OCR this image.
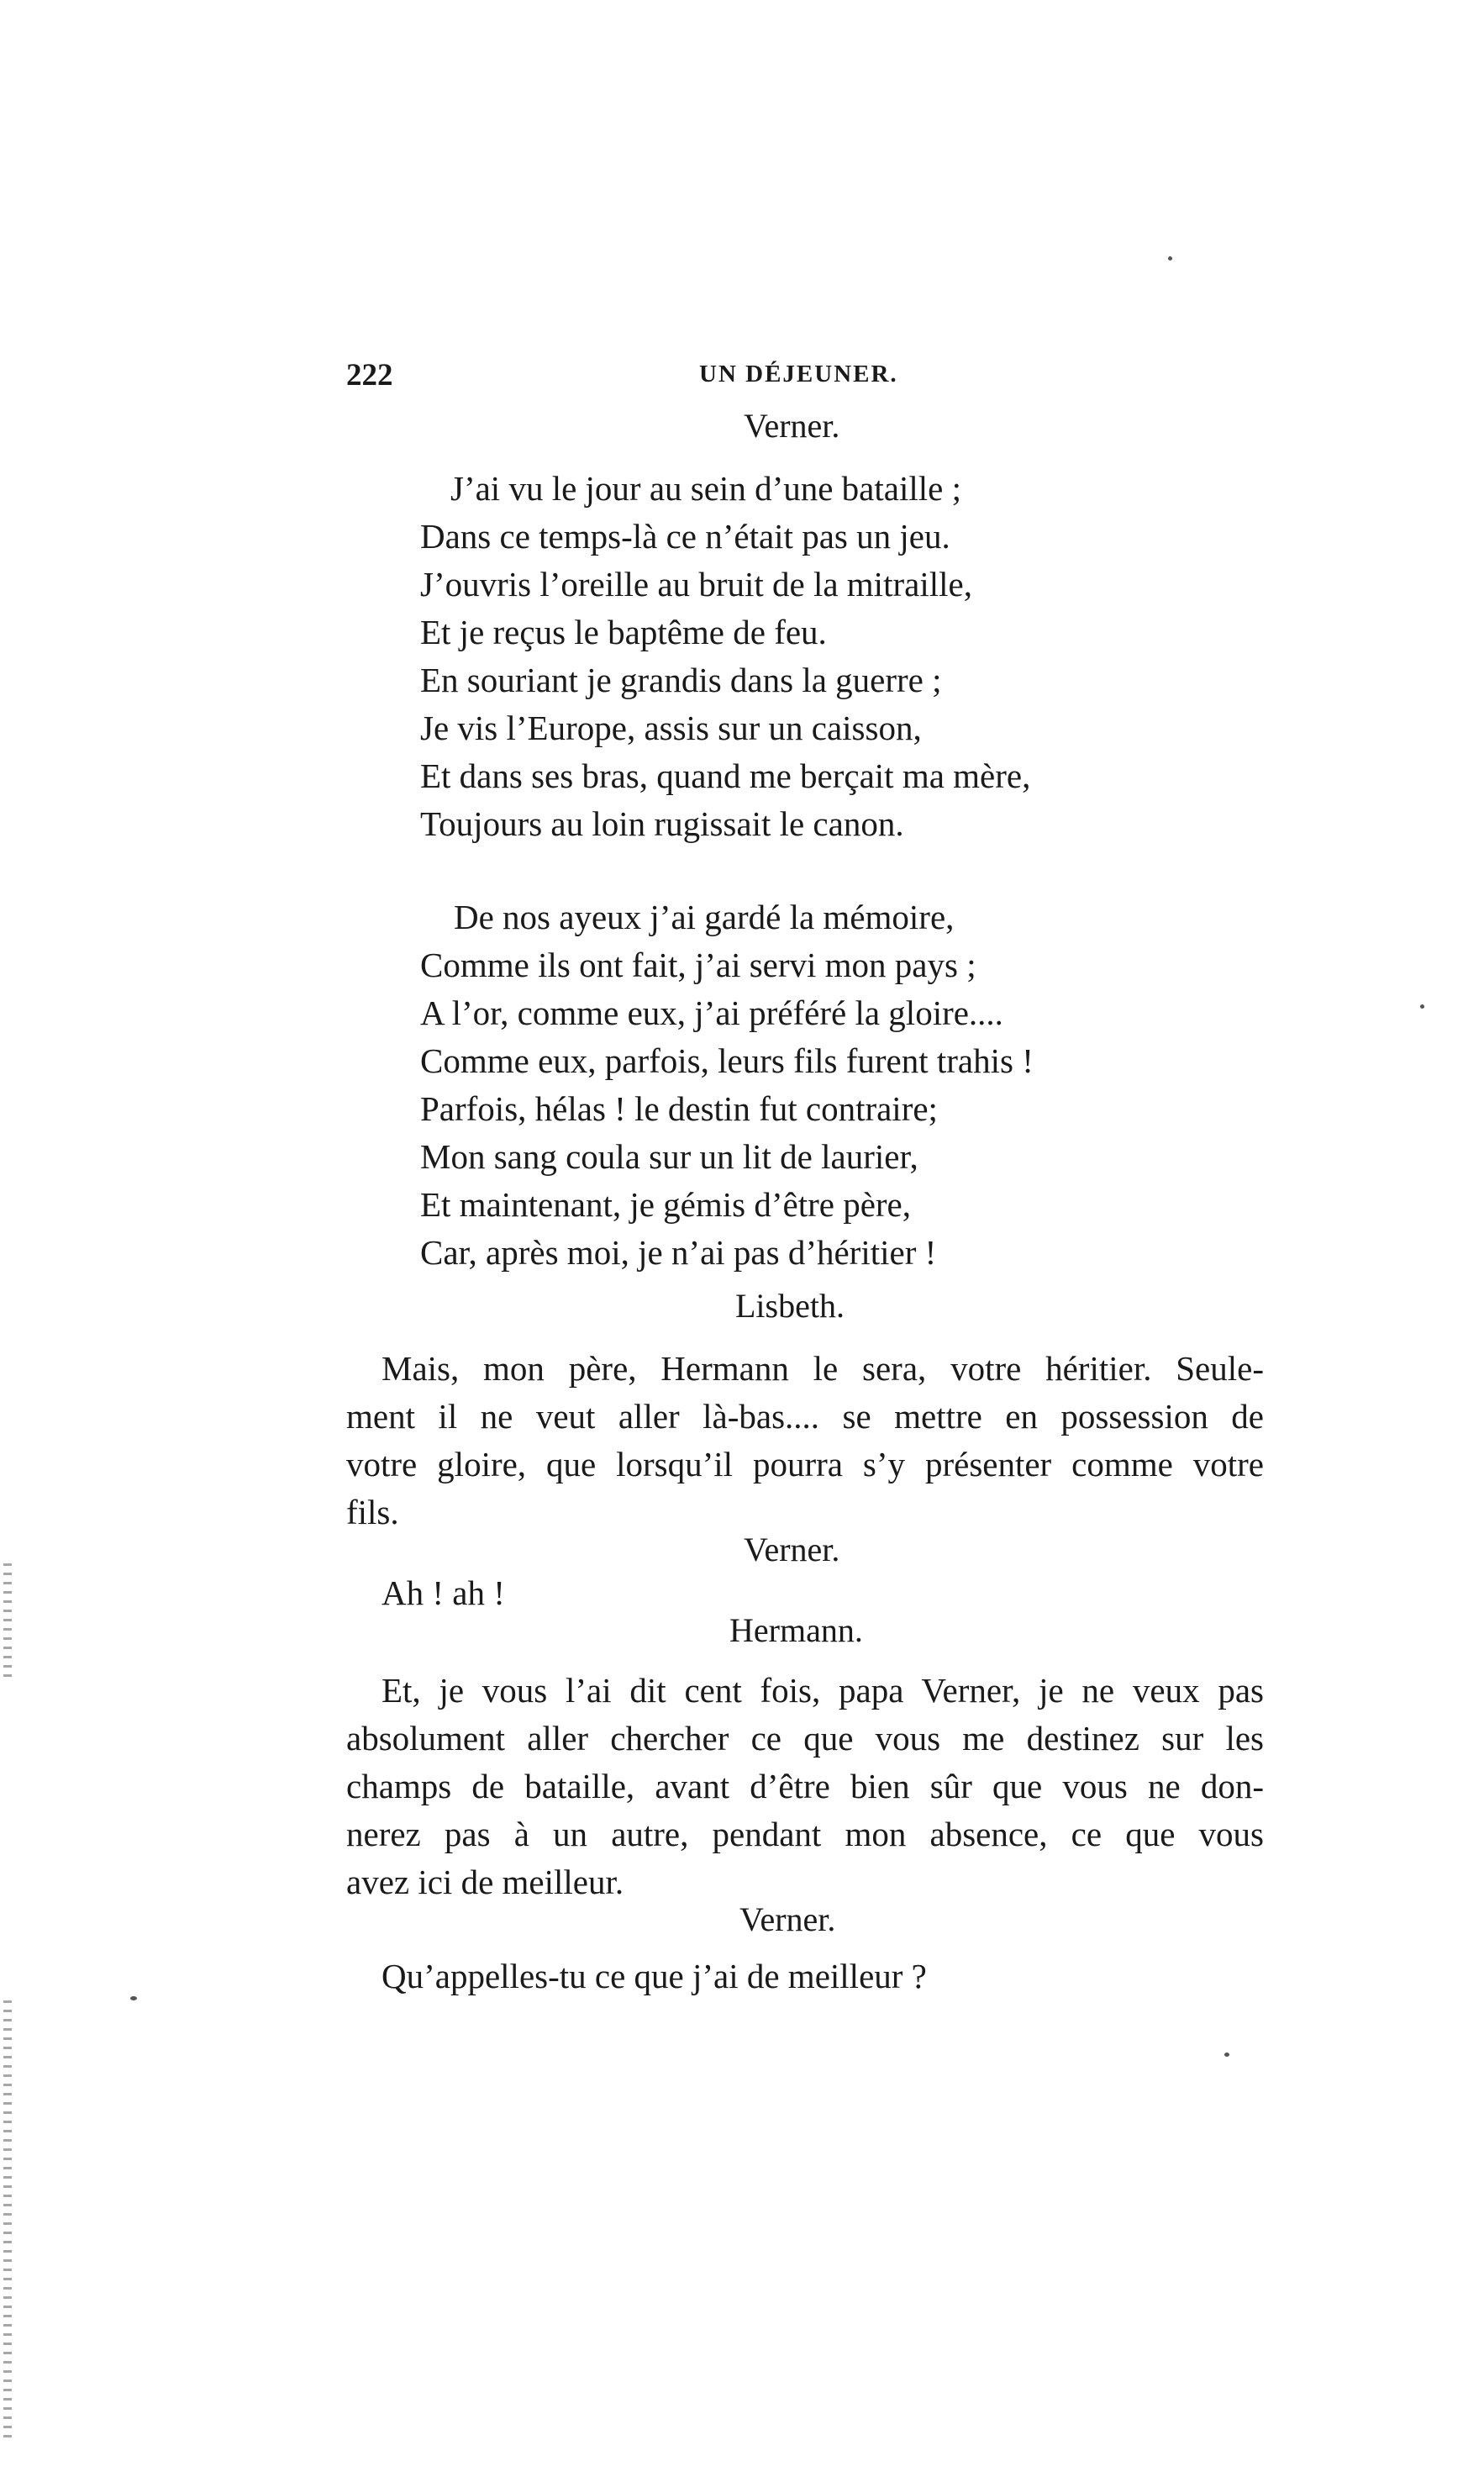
222	UN DÉJEUNER.
Verner.
J’ai vu le jour au sein d’une bataille ;
Dans ce temps-là ce n’était pas un jeu.
J’ouvris l’oreille au bruit de la mitraille,
Et je reçus le baptême de feu.
En souriant je grandis dans la guerre ;
Je vis l’Europe, assis sur un caisson,
Et dans ses bras, quand me berçait ma mère,
Toujours au loin rugissait le canon.
De nos ayeux j’ai gardé la mémoire,
Comme ils ont fait, j’ai servi mon pays ;
A l’or, comme eux, j’ai préféré la gloire....
Comme eux, parfois, leurs fils furent trahis !
Parfois, hélas ! le destin fut contraire;
Mon sang coula sur un lit de laurier,
Et maintenant, je gémis d’être père,
Car, après moi, je n’ai pas d’héritier !
Lisbeth.
Mais, mon père, Hermann le sera, votre héritier. Seule-
ment il ne veut aller là-bas.... se mettre en possession de
votre gloire, que lorsqu’il pourra s’y présenter comme votre
fils.
Verner.
Ah ! ah !
Hermann.
Et, je vous l’ai dit cent fois, papa Verner, je ne veux pas
absolument aller chercher ce que vous me destinez sur les
champs de bataille, avant d’être bien sûr que vous ne don-
nerez pas à un autre, pendant mon absence, ce que vous
avez ici de meilleur.
Verner.
Qu’appelles-tu ce que j’ai de meilleur ?
